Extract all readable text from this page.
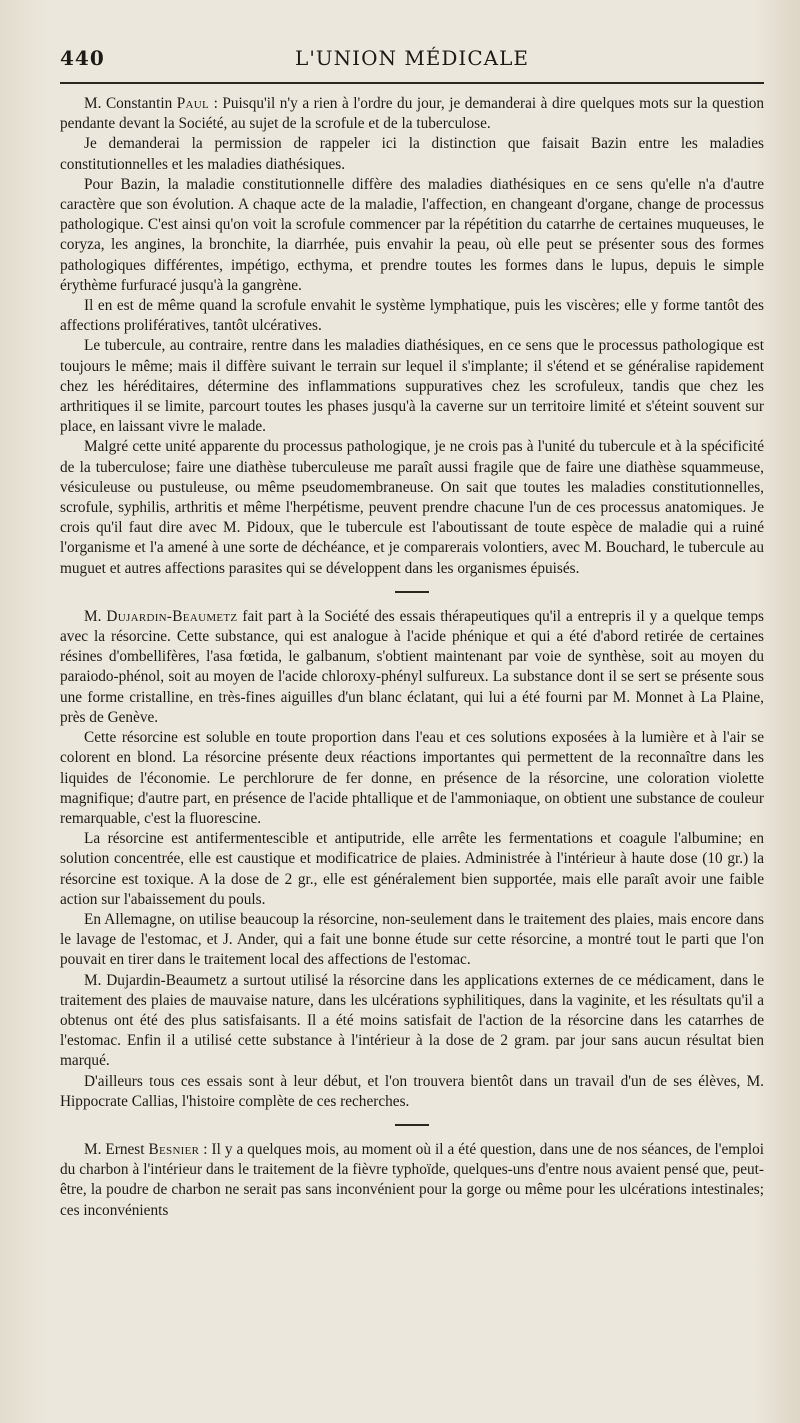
440	L'UNION MÉDICALE

M. Constantin Paul : Puisqu'il n'y a rien à l'ordre du jour, je demanderai à dire quelques mots sur la question pendante devant la Société, au sujet de la scrofule et de la tuberculose.

Je demanderai la permission de rappeler ici la distinction que faisait Bazin entre les maladies constitutionnelles et les maladies diathésiques.

Pour Bazin, la maladie constitutionnelle diffère des maladies diathésiques en ce sens qu'elle n'a d'autre caractère que son évolution. A chaque acte de la maladie, l'affection, en changeant d'organe, change de processus pathologique. C'est ainsi qu'on voit la scrofule commencer par la répétition du catarrhe de certaines muqueuses, le coryza, les angines, la bronchite, la diarrhée, puis envahir la peau, où elle peut se présenter sous des formes pathologiques différentes, impétigo, ecthyma, et prendre toutes les formes dans le lupus, depuis le simple érythème furfuracé jusqu'à la gangrène.

Il en est de même quand la scrofule envahit le système lymphatique, puis les viscères; elle y forme tantôt des affections prolifératives, tantôt ulcératives.

Le tubercule, au contraire, rentre dans les maladies diathésiques, en ce sens que le processus pathologique est toujours le même; mais il diffère suivant le terrain sur lequel il s'implante; il s'étend et se généralise rapidement chez les héréditaires, détermine des inflammations suppuratives chez les scrofuleux, tandis que chez les arthritiques il se limite, parcourt toutes les phases jusqu'à la caverne sur un territoire limité et s'éteint souvent sur place, en laissant vivre le malade.

Malgré cette unité apparente du processus pathologique, je ne crois pas à l'unité du tubercule et à la spécificité de la tuberculose; faire une diathèse tuberculeuse me paraît aussi fragile que de faire une diathèse squammeuse, vésiculeuse ou pustuleuse, ou même pseudomembraneuse. On sait que toutes les maladies constitutionnelles, scrofule, syphilis, arthritis et même l'herpétisme, peuvent prendre chacune l'un de ces processus anatomiques. Je crois qu'il faut dire avec M. Pidoux, que le tubercule est l'aboutissant de toute espèce de maladie qui a ruiné l'organisme et l'a amené à une sorte de déchéance, et je comparerais volontiers, avec M. Bouchard, le tubercule au muguet et autres affections parasites qui se développent dans les organismes épuisés.

M. Dujardin-Beaumetz fait part à la Société des essais thérapeutiques qu'il a entrepris il y a quelque temps avec la résorcine. Cette substance, qui est analogue à l'acide phénique et qui a été d'abord retirée de certaines résines d'ombellifères, l'asa fœtida, le galbanum, s'obtient maintenant par voie de synthèse, soit au moyen du paraiodo-phénol, soit au moyen de l'acide chloroxy-phényl sulfureux. La substance dont il se sert se présente sous une forme cristalline, en très-fines aiguilles d'un blanc éclatant, qui lui a été fourni par M. Monnet à La Plaine, près de Genève.

Cette résorcine est soluble en toute proportion dans l'eau et ces solutions exposées à la lumière et à l'air se colorent en blond. La résorcine présente deux réactions importantes qui permettent de la reconnaître dans les liquides de l'économie. Le perchlorure de fer donne, en présence de la résorcine, une coloration violette magnifique; d'autre part, en présence de l'acide phtallique et de l'ammoniaque, on obtient une substance de couleur remarquable, c'est la fluorescine.

La résorcine est antifermentescible et antiputride, elle arrête les fermentations et coagule l'albumine; en solution concentrée, elle est caustique et modificatrice de plaies. Administrée à l'intérieur à haute dose (10 gr.) la résorcine est toxique. A la dose de 2 gr., elle est généralement bien supportée, mais elle paraît avoir une faible action sur l'abaissement du pouls.

En Allemagne, on utilise beaucoup la résorcine, non-seulement dans le traitement des plaies, mais encore dans le lavage de l'estomac, et J. Ander, qui a fait une bonne étude sur cette résorcine, a montré tout le parti que l'on pouvait en tirer dans le traitement local des affections de l'estomac.

M. Dujardin-Beaumetz a surtout utilisé la résorcine dans les applications externes de ce médicament, dans le traitement des plaies de mauvaise nature, dans les ulcérations syphilitiques, dans la vaginite, et les résultats qu'il a obtenus ont été des plus satisfaisants. Il a été moins satisfait de l'action de la résorcine dans les catarrhes de l'estomac. Enfin il a utilisé cette substance à l'intérieur à la dose de 2 gram. par jour sans aucun résultat bien marqué.

D'ailleurs tous ces essais sont à leur début, et l'on trouvera bientôt dans un travail d'un de ses élèves, M. Hippocrate Callias, l'histoire complète de ces recherches.

M. Ernest Besnier : Il y a quelques mois, au moment où il a été question, dans une de nos séances, de l'emploi du charbon à l'intérieur dans le traitement de la fièvre typhoïde, quelques-uns d'entre nous avaient pensé que, peut-être, la poudre de charbon ne serait pas sans inconvénient pour la gorge ou même pour les ulcérations intestinales; ces inconvénients
